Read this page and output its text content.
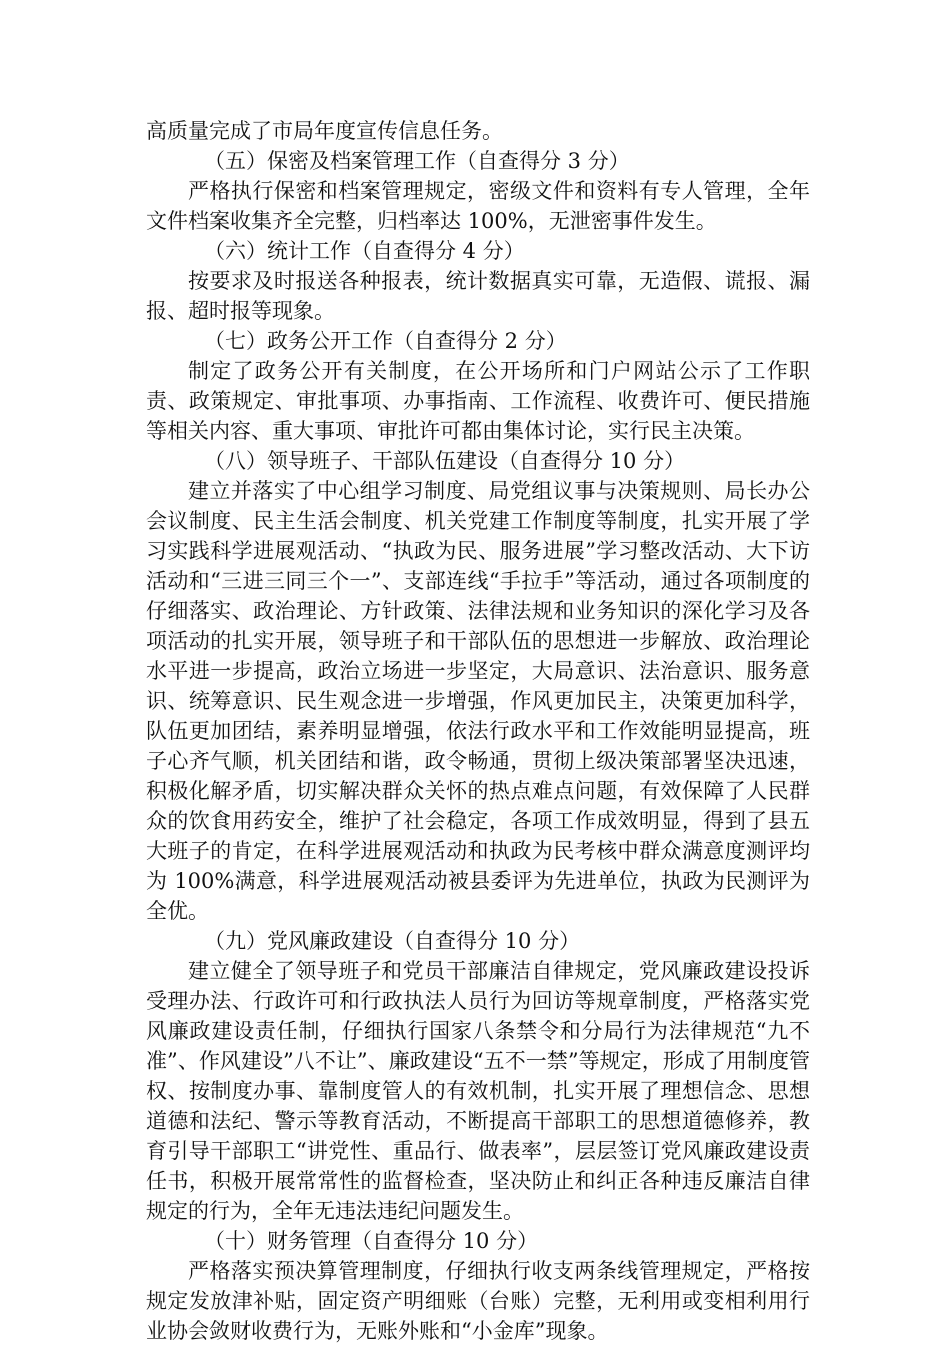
高质量完成了市局年度宣传信息任务。

（五）保密及档案管理工作（自查得分 3 分）

严格执行保密和档案管理规定，密级文件和资料有专人管理，全年文件档案收集齐全完整，归档率达 100%，无泄密事件发生。

（六）统计工作（自查得分 4 分）

按要求及时报送各种报表，统计数据真实可靠，无造假、谎报、漏报、超时报等现象。

（七）政务公开工作（自查得分 2 分）

制定了政务公开有关制度，在公开场所和门户网站公示了工作职责、政策规定、审批事项、办事指南、工作流程、收费许可、便民措施等相关内容、重大事项、审批许可都由集体讨论，实行民主决策。

（八）领导班子、干部队伍建设（自查得分 10 分）

建立并落实了中心组学习制度、局党组议事与决策规则、局长办公会议制度、民主生活会制度、机关党建工作制度等制度，扎实开展了学习实践科学进展观活动、“执政为民、服务进展”学习整改活动、大下访活动和“三进三同三个一”、支部连线“手拉手”等活动，通过各项制度的仔细落实、政治理论、方针政策、法律法规和业务知识的深化学习及各项活动的扎实开展，领导班子和干部队伍的思想进一步解放、政治理论水平进一步提高，政治立场进一步坚定，大局意识、法治意识、服务意识、统筹意识、民生观念进一步增强，作风更加民主，决策更加科学，队伍更加团结，素养明显增强，依法行政水平和工作效能明显提高，班子心齐气顺，机关团结和谐，政令畅通，贯彻上级决策部署坚决迅速，积极化解矛盾，切实解决群众关怀的热点难点问题，有效保障了人民群众的饮食用药安全，维护了社会稳定，各项工作成效明显，得到了县五大班子的肯定，在科学进展观活动和执政为民考核中群众满意度测评均为 100%满意，科学进展观活动被县委评为先进单位，执政为民测评为全优。

（九）党风廉政建设（自查得分 10 分）

建立健全了领导班子和党员干部廉洁自律规定，党风廉政建设投诉受理办法、行政许可和行政执法人员行为回访等规章制度，严格落实党风廉政建设责任制，仔细执行国家八条禁令和分局行为法律规范“九不准”、作风建设”八不让”、廉政建设“五不一禁”等规定，形成了用制度管权、按制度办事、靠制度管人的有效机制，扎实开展了理想信念、思想道德和法纪、警示等教育活动，不断提高干部职工的思想道德修养，教育引导干部职工“讲党性、重品行、做表率”，层层签订党风廉政建设责任书，积极开展常常性的监督检查，坚决防止和纠正各种违反廉洁自律规定的行为，全年无违法违纪问题发生。

（十）财务管理（自查得分 10 分）

严格落实预决算管理制度，仔细执行收支两条线管理规定，严格按规定发放津补贴，固定资产明细账（台账）完整，无利用或变相利用行业协会敛财收费行为，无账外账和“小金库”现象。
